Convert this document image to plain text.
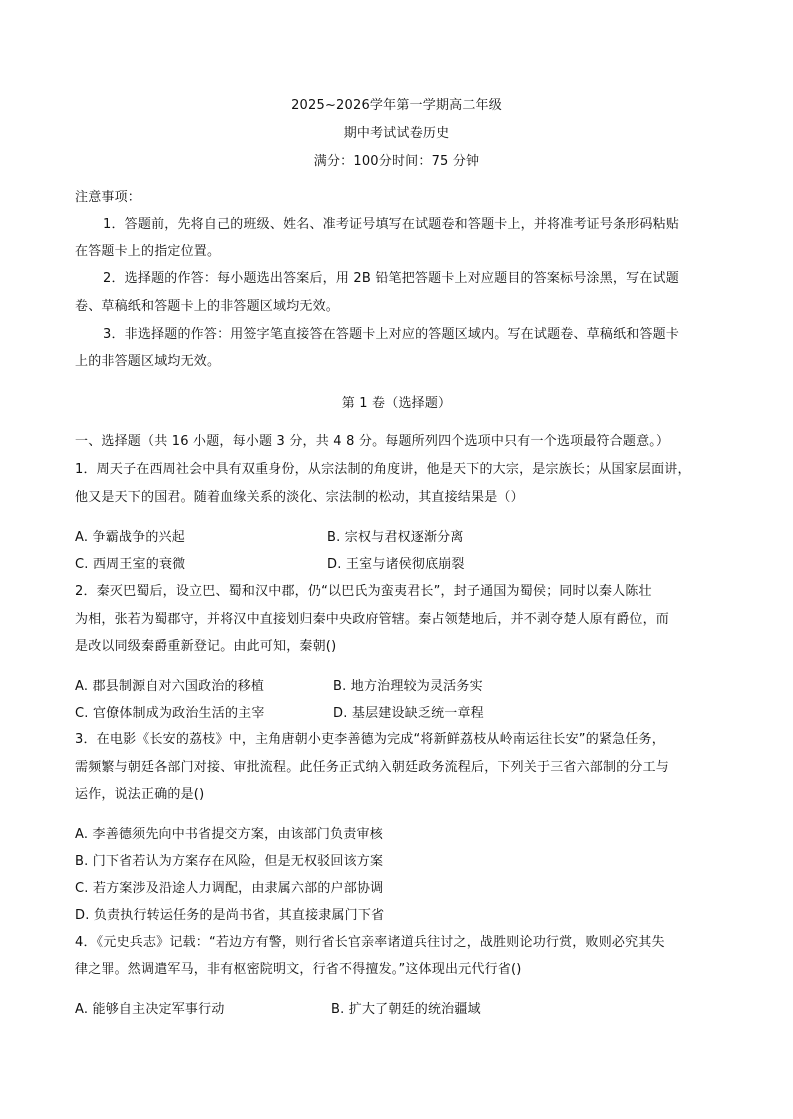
2025~2026学年第一学期高二年级
期中考试试卷历史
满分：100分时间：75 分钟
注意事项：
1．答题前，先将自己的班级、姓名、准考证号填写在试题卷和答题卡上，并将准考证号条形码粘贴
在答题卡上的指定位置。
2．选择题的作答：每小题选出答案后，用 2B 铅笔把答题卡上对应题目的答案标号涂黑，写在试题
卷、草稿纸和答题卡上的非答题区域均无效。
3．非选择题的作答：用签字笔直接答在答题卡上对应的答题区域内。写在试题卷、草稿纸和答题卡
上的非答题区域均无效。
第 1 卷（选择题）
一、选择题（共 16 小题，每小题 3 分，共 4 8 分。每题所列四个选项中只有一个选项最符合题意。）
1．周天子在西周社会中具有双重身份，从宗法制的角度讲，他是天下的大宗，是宗族长；从国家层面讲，
他又是天下的国君。随着血缘关系的淡化、宗法制的松动，其直接结果是（）
A. 争霸战争的兴起	B. 宗权与君权逐渐分离
C. 西周王室的衰微	D. 王室与诸侯彻底崩裂
2．秦灭巴蜀后，设立巴、蜀和汉中郡，仍“以巴氏为蛮夷君长”，封子通国为蜀侯；同时以秦人陈壮
为相，张若为蜀郡守，并将汉中直接划归秦中央政府管辖。秦占领楚地后，并不剥夺楚人原有爵位，而
是改以同级秦爵重新登记。由此可知，秦朝()
A. 郡县制源自对六国政治的移植	B. 地方治理较为灵活务实
C. 官僚体制成为政治生活的主宰	D. 基层建设缺乏统一章程
3．在电影《长安的荔枝》中，主角唐朝小吏李善德为完成“将新鲜荔枝从岭南运往长安”的紧急任务，
需频繁与朝廷各部门对接、审批流程。此任务正式纳入朝廷政务流程后，下列关于三省六部制的分工与
运作，说法正确的是()
A. 李善德须先向中书省提交方案，由该部门负责审核
B. 门下省若认为方案存在风险，但是无权驳回该方案
C. 若方案涉及沿途人力调配，由隶属六部的户部协调
D. 负责执行转运任务的是尚书省，其直接隶属门下省
4．《元史兵志》记载：“若边方有警，则行省长官亲率诸道兵往讨之，战胜则论功行赏，败则必究其失
律之罪。然调遣军马，非有枢密院明文，行省不得擅发。”这体现出元代行省()
A. 能够自主决定军事行动	B. 扩大了朝廷的统治疆域
